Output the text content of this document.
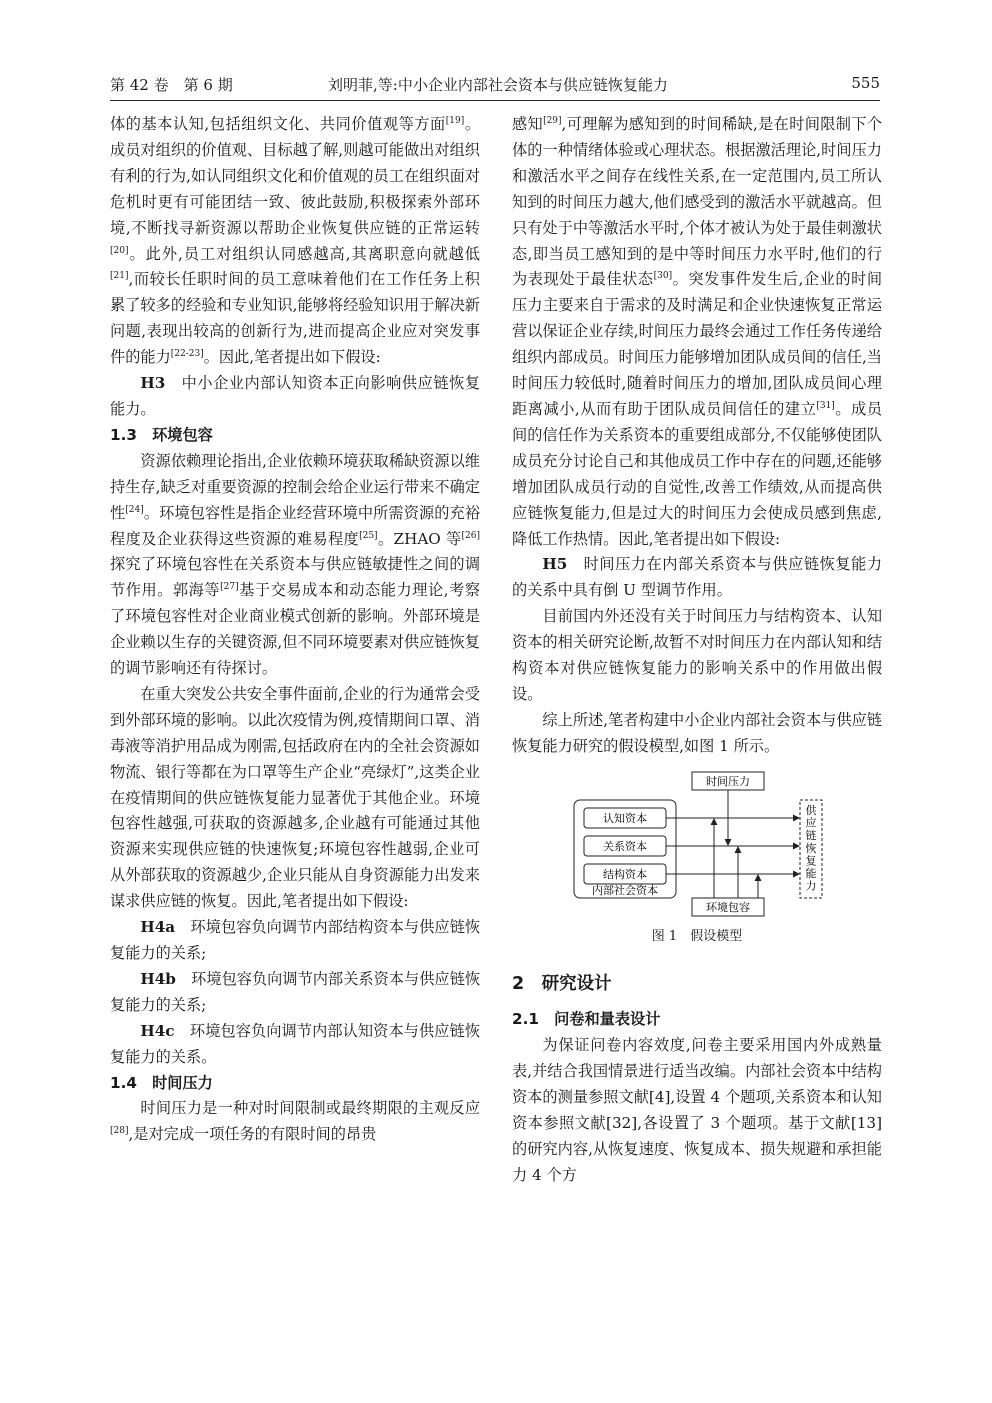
第 42 卷　第 6 期	刘明菲,等:中小企业内部社会资本与供应链恢复能力	555

体的基本认知,包括组织文化、共同价值观等方面[19]。成员对组织的价值观、目标越了解,则越可能做出对组织有利的行为,如认同组织文化和价值观的员工在组织面对危机时更有可能团结一致、彼此鼓励,积极探索外部环境,不断找寻新资源以帮助企业恢复供应链的正常运转[20]。此外,员工对组织认同感越高,其离职意向就越低[21],而较长任职时间的员工意味着他们在工作任务上积累了较多的经验和专业知识,能够将经验知识用于解决新问题,表现出较高的创新行为,进而提高企业应对突发事件的能力[22-23]。因此,笔者提出如下假设:

H3　中小企业内部认知资本正向影响供应链恢复能力。

1.3　环境包容

资源依赖理论指出,企业依赖环境获取稀缺资源以维持生存,缺乏对重要资源的控制会给企业运行带来不确定性[24]。环境包容性是指企业经营环境中所需资源的充裕程度及企业获得这些资源的难易程度[25]。ZHAO 等[26]探究了环境包容性在关系资本与供应链敏捷性之间的调节作用。郭海等[27]基于交易成本和动态能力理论,考察了环境包容性对企业商业模式创新的影响。外部环境是企业赖以生存的关键资源,但不同环境要素对供应链恢复的调节影响还有待探讨。

在重大突发公共安全事件面前,企业的行为通常会受到外部环境的影响。以此次疫情为例,疫情期间口罩、消毒液等消护用品成为刚需,包括政府在内的全社会资源如物流、银行等都在为口罩等生产企业“亮绿灯”,这类企业在疫情期间的供应链恢复能力显著优于其他企业。环境包容性越强,可获取的资源越多,企业越有可能通过其他资源来实现供应链的快速恢复;环境包容性越弱,企业可从外部获取的资源越少,企业只能从自身资源能力出发来谋求供应链的恢复。因此,笔者提出如下假设:

H4a　环境包容负向调节内部结构资本与供应链恢复能力的关系;

H4b　环境包容负向调节内部关系资本与供应链恢复能力的关系;

H4c　环境包容负向调节内部认知资本与供应链恢复能力的关系。

1.4　时间压力

时间压力是一种对时间限制或最终期限的主观反应[28],是对完成一项任务的有限时间的昂贵

感知[29],可理解为感知到的时间稀缺,是在时间限制下个体的一种情绪体验或心理状态。根据激活理论,时间压力和激活水平之间存在线性关系,在一定范围内,员工所认知到的时间压力越大,他们感受到的激活水平就越高。但只有处于中等激活水平时,个体才被认为处于最佳刺激状态,即当员工感知到的是中等时间压力水平时,他们的行为表现处于最佳状态[30]。突发事件发生后,企业的时间压力主要来自于需求的及时满足和企业快速恢复正常运营以保证企业存续,时间压力最终会通过工作任务传递给组织内部成员。时间压力能够增加团队成员间的信任,当时间压力较低时,随着时间压力的增加,团队成员间心理距离减小,从而有助于团队成员间信任的建立[31]。成员间的信任作为关系资本的重要组成部分,不仅能够使团队成员充分讨论自己和其他成员工作中存在的问题,还能够增加团队成员行动的自觉性,改善工作绩效,从而提高供应链恢复能力,但是过大的时间压力会使成员感到焦虑,降低工作热情。因此,笔者提出如下假设:

H5　时间压力在内部关系资本与供应链恢复能力的关系中具有倒 U 型调节作用。

目前国内外还没有关于时间压力与结构资本、认知资本的相关研究论断,故暂不对时间压力在内部认知和结构资本对供应链恢复能力的影响关系中的作用做出假设。

综上所述,笔者构建中小企业内部社会资本与供应链恢复能力研究的假设模型,如图 1 所示。

认知资本
关系资本
结构资本
内部社会资本
时间压力
环境包容
供应链恢复能力

图 1　假设模型

2　研究设计
2.1　问卷和量表设计

为保证问卷内容效度,问卷主要采用国内外成熟量表,并结合我国情景进行适当改编。内部社会资本中结构资本的测量参照文献[4],设置 4 个题项,关系资本和认知资本参照文献[32],各设置了 3 个题项。基于文献[13]的研究内容,从恢复速度、恢复成本、损失规避和承担能力 4 个方
